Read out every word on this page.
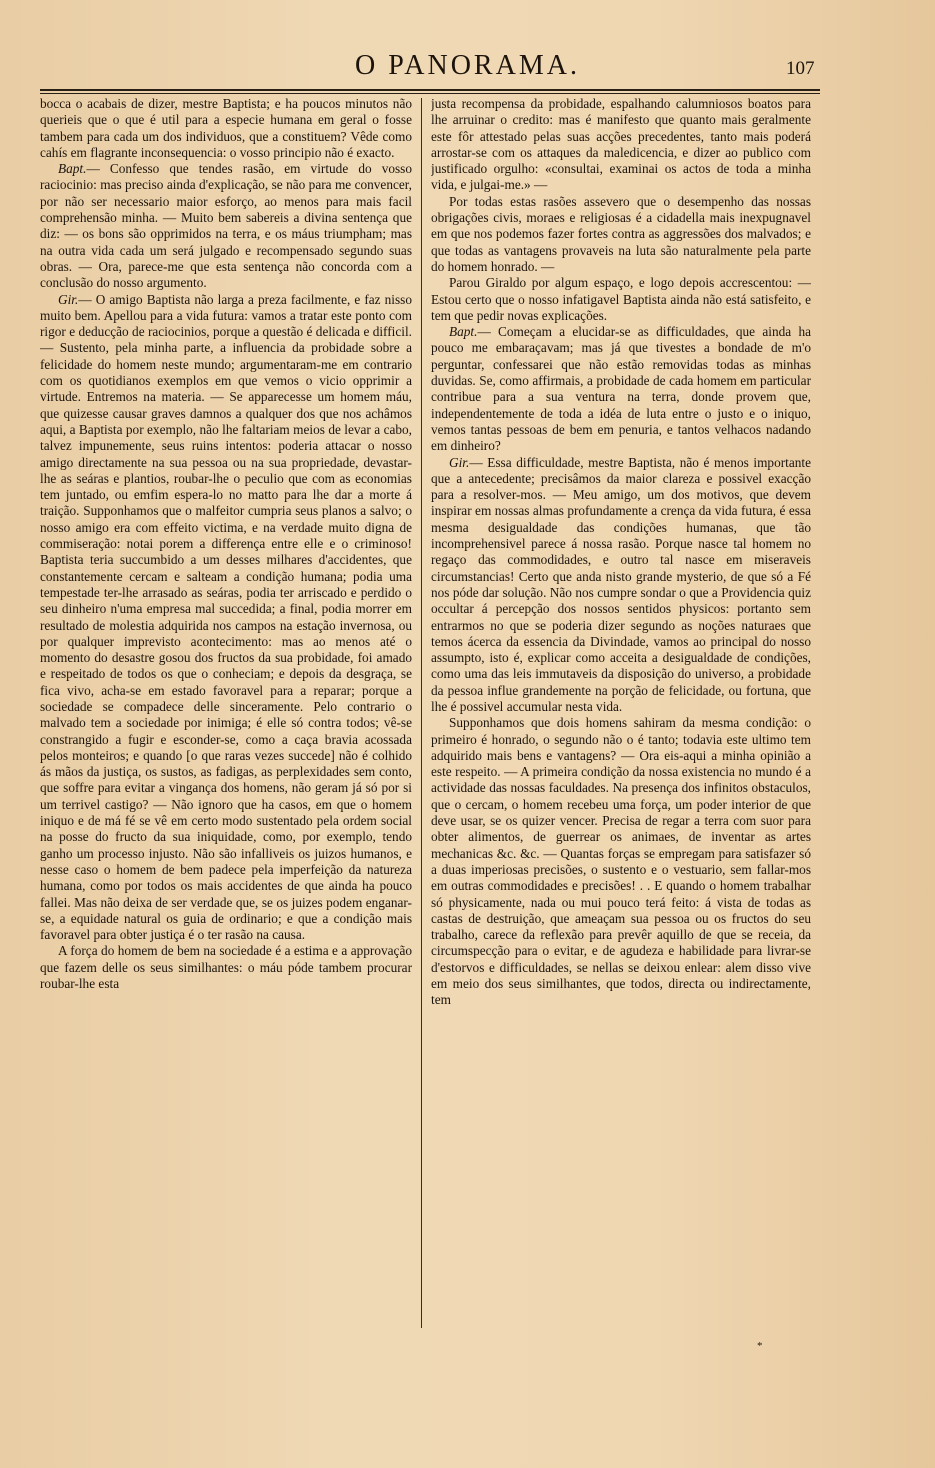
O PANORAMA.	107

bocca o acabais de dizer, mestre Baptista; e ha poucos minutos não querieis que o que é util para a especie humana em geral o fosse tambem para cada um dos individuos, que a constituem? Vêde como cahís em flagrante inconsequencia: o vosso principio não é exacto.

Bapt.— Confesso que tendes rasão, em virtude do vosso raciocinio: mas preciso ainda d'explicação, se não para me convencer, por não ser necessario maior esforço, ao menos para mais facil comprehensão minha. — Muito bem sabereis a divina sentença que diz: — os bons são opprimidos na terra, e os máus triumpham; mas na outra vida cada um será julgado e recompensado segundo suas obras. — Ora, parece-me que esta sentença não concorda com a conclusão do nosso argumento.

Gir.— O amigo Baptista não larga a preza facilmente, e faz nisso muito bem. Apellou para a vida futura: vamos a tratar este ponto com rigor e deducção de raciocinios, porque a questão é delicada e difficil. — Sustento, pela minha parte, a influencia da probidade sobre a felicidade do homem neste mundo; argumentaram-me em contrario com os quotidianos exemplos em que vemos o vicio opprimir a virtude. Entremos na materia. — Se apparecesse um homem máu, que quizesse causar graves damnos a qualquer dos que nos achâmos aqui, a Baptista por exemplo, não lhe faltariam meios de levar a cabo, talvez impunemente, seus ruins intentos: poderia attacar o nosso amigo directamente na sua pessoa ou na sua propriedade, devastar-lhe as seáras e plantios, roubar-lhe o peculio que com as economias tem juntado, ou emfim espera-lo no matto para lhe dar a morte á traição. Supponhamos que o malfeitor cumpria seus planos a salvo; o nosso amigo era com effeito victima, e na verdade muito digna de commiseração: notai porem a differença entre elle e o criminoso! Baptista teria succumbido a um desses milhares d'accidentes, que constantemente cercam e salteam a condição humana; podia uma tempestade ter-lhe arrasado as seáras, podia ter arriscado e perdido o seu dinheiro n'uma empresa mal succedida; a final, podia morrer em resultado de molestia adquirida nos campos na estação invernosa, ou por qualquer imprevisto acontecimento: mas ao menos até o momento do desastre gosou dos fructos da sua probidade, foi amado e respeitado de todos os que o conheciam; e depois da desgraça, se fica vivo, acha-se em estado favoravel para a reparar; porque a sociedade se compadece delle sinceramente. Pelo contrario o malvado tem a sociedade por inimiga; é elle só contra todos; vê-se constrangido a fugir e esconder-se, como a caça bravia acossada pelos monteiros; e quando [o que raras vezes succede] não é colhido ás mãos da justiça, os sustos, as fadigas, as perplexidades sem conto, que soffre para evitar a vingança dos homens, não geram já só por si um terrivel castigo? — Não ignoro que ha casos, em que o homem iniquo e de má fé se vê em certo modo sustentado pela ordem social na posse do fructo da sua iniquidade, como, por exemplo, tendo ganho um processo injusto. Não são infalliveis os juizos humanos, e nesse caso o homem de bem padece pela imperfeição da natureza humana, como por todos os mais accidentes de que ainda ha pouco fallei. Mas não deixa de ser verdade que, se os juizes podem enganar-se, a equidade natural os guia de ordinario; e que a condição mais favoravel para obter justiça é o ter rasão na causa.

A força do homem de bem na sociedade é a estima e a approvação que fazem delle os seus similhantes: o máu póde tambem procurar roubar-lhe esta

justa recompensa da probidade, espalhando calumniosos boatos para lhe arruinar o credito: mas é manifesto que quanto mais geralmente este fôr attestado pelas suas acções precedentes, tanto mais poderá arrostar-se com os attaques da maledicencia, e dizer ao publico com justificado orgulho: «consultai, examinai os actos de toda a minha vida, e julgai-me.» —

Por todas estas rasões assevero que o desempenho das nossas obrigações civis, moraes e religiosas é a cidadella mais inexpugnavel em que nos podemos fazer fortes contra as aggressões dos malvados; e que todas as vantagens provaveis na luta são naturalmente pela parte do homem honrado. —

Parou Giraldo por algum espaço, e logo depois accrescentou: — Estou certo que o nosso infatigavel Baptista ainda não está satisfeito, e tem que pedir novas explicações.

Bapt.— Começam a elucidar-se as difficuldades, que ainda ha pouco me embaraçavam; mas já que tivestes a bondade de m'o perguntar, confessarei que não estão removidas todas as minhas duvidas. Se, como affirmais, a probidade de cada homem em particular contribue para a sua ventura na terra, donde provem que, independentemente de toda a idéa de luta entre o justo e o iniquo, vemos tantas pessoas de bem em penuria, e tantos velhacos nadando em dinheiro?

Gir.— Essa difficuldade, mestre Baptista, não é menos importante que a antecedente; precisâmos da maior clareza e possivel exacção para a resolver-mos. — Meu amigo, um dos motivos, que devem inspirar em nossas almas profundamente a crença da vida futura, é essa mesma desigualdade das condições humanas, que tão incomprehensivel parece á nossa rasão. Porque nasce tal homem no regaço das commodidades, e outro tal nasce em miseraveis circumstancias! Certo que anda nisto grande mysterio, de que só a Fé nos póde dar solução. Não nos cumpre sondar o que a Providencia quiz occultar á percepção dos nossos sentidos physicos: portanto sem entrarmos no que se poderia dizer segundo as noções naturaes que temos ácerca da essencia da Divindade, vamos ao principal do nosso assumpto, isto é, explicar como acceita a desigualdade de condições, como uma das leis immutaveis da disposição do universo, a probidade da pessoa influe grandemente na porção de felicidade, ou fortuna, que lhe é possivel accumular nesta vida.

Supponhamos que dois homens sahiram da mesma condição: o primeiro é honrado, o segundo não o é tanto; todavia este ultimo tem adquirido mais bens e vantagens? — Ora eis-aqui a minha opinião a este respeito. — A primeira condição da nossa existencia no mundo é a actividade das nossas faculdades. Na presença dos infinitos obstaculos, que o cercam, o homem recebeu uma força, um poder interior de que deve usar, se os quizer vencer. Precisa de regar a terra com suor para obter alimentos, de guerrear os animaes, de inventar as artes mechanicas &c. &c. — Quantas forças se empregam para satisfazer só a duas imperiosas precisões, o sustento e o vestuario, sem fallar-mos em outras commodidades e precisões! . . E quando o homem trabalhar só physicamente, nada ou mui pouco terá feito: á vista de todas as castas de destruição, que ameaçam sua pessoa ou os fructos do seu trabalho, carece da reflexão para prevêr aquillo de que se receia, da circumspecção para o evitar, e de agudeza e habilidade para livrar-se d'estorvos e difficuldades, se nellas se deixou enlear: alem disso vive em meio dos seus similhantes, que todos, directa ou indirectamente, tem

*
